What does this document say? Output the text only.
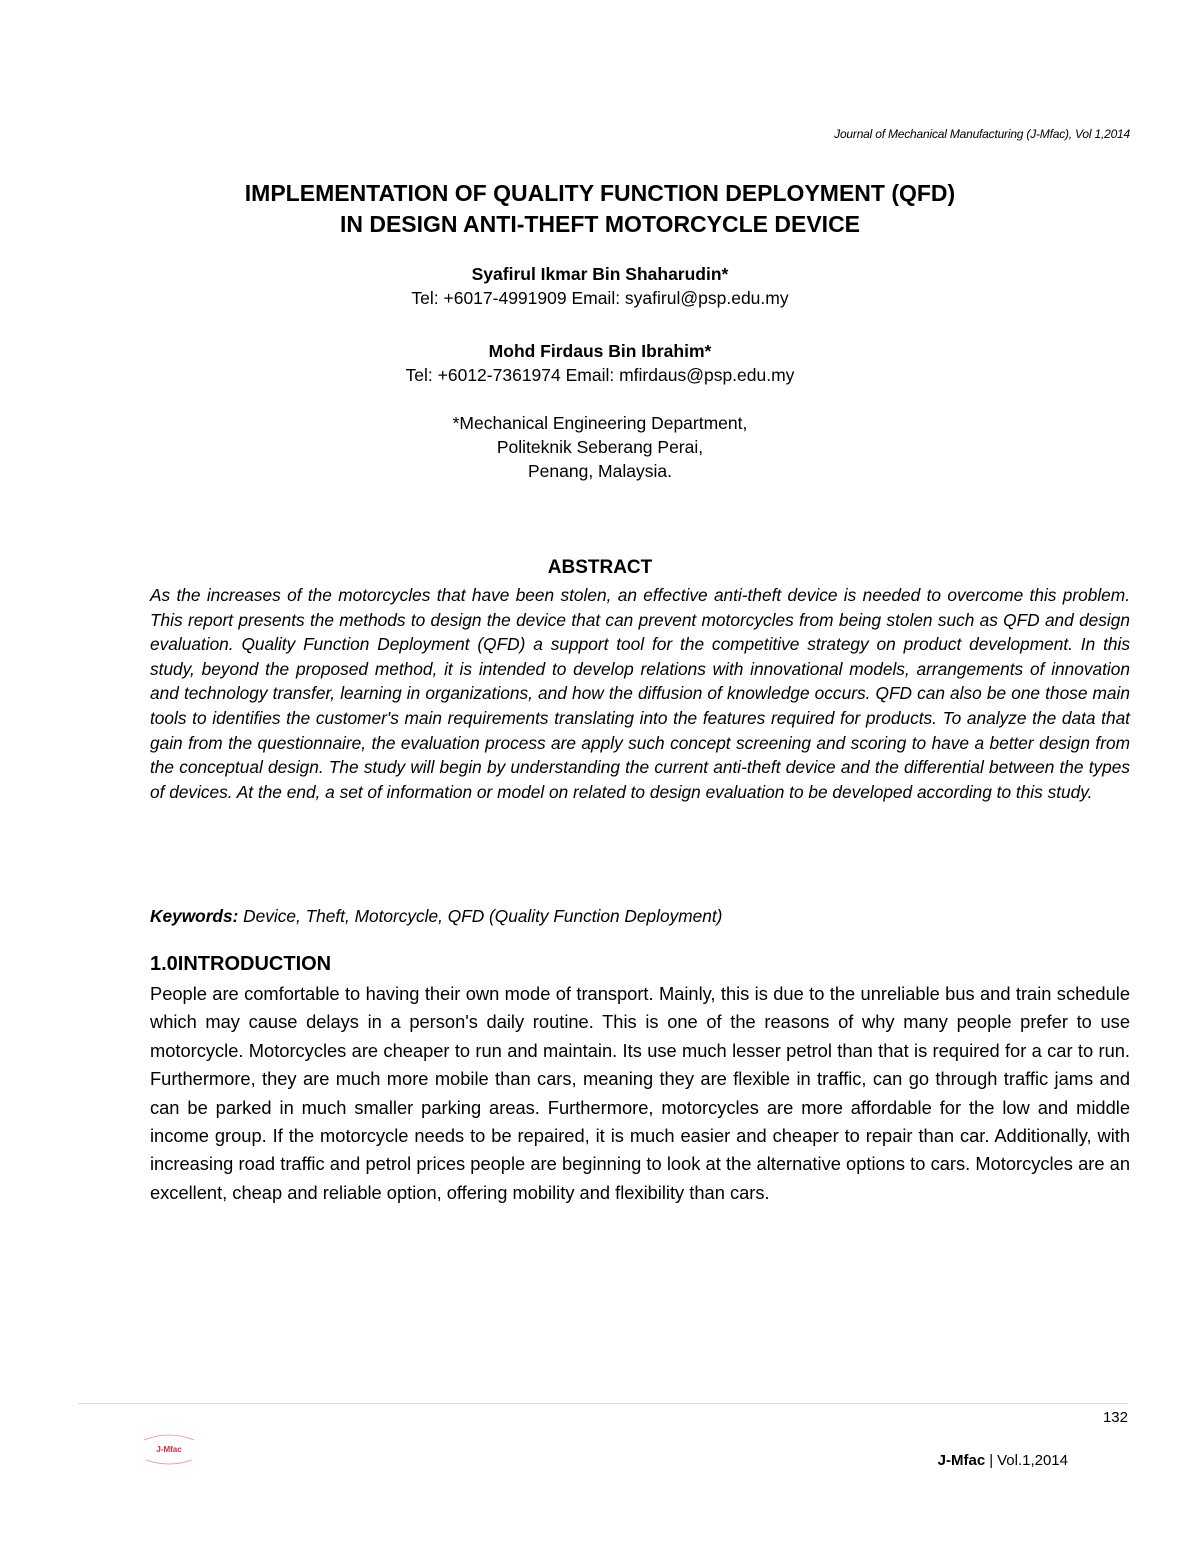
Journal of Mechanical Manufacturing (J-Mfac), Vol 1,2014
IMPLEMENTATION OF QUALITY FUNCTION DEPLOYMENT (QFD)
IN DESIGN ANTI-THEFT MOTORCYCLE DEVICE
Syafirul Ikmar Bin Shaharudin*
Tel: +6017-4991909 Email: syafirul@psp.edu.my
Mohd Firdaus Bin Ibrahim*
Tel: +6012-7361974 Email: mfirdaus@psp.edu.my
*Mechanical Engineering Department,
Politeknik Seberang Perai,
Penang, Malaysia.
ABSTRACT
As the increases of the motorcycles that have been stolen, an effective anti-theft device is needed to overcome this problem. This report presents the methods to design the device that can prevent motorcycles from being stolen such as QFD and design evaluation. Quality Function Deployment (QFD) a support tool for the competitive strategy on product development. In this study, beyond the proposed method, it is intended to develop relations with innovational models, arrangements of innovation and technology transfer, learning in organizations, and how the diffusion of knowledge occurs. QFD can also be one those main tools to identifies the customer's main requirements translating into the features required for products. To analyze the data that gain from the questionnaire, the evaluation process are apply such concept screening and scoring to have a better design from the conceptual design. The study will begin by understanding the current anti-theft device and the differential between the types of devices. At the end, a set of information or model on related to design evaluation to be developed according to this study.
Keywords: Device, Theft, Motorcycle, QFD (Quality Function Deployment)
1.0INTRODUCTION
People are comfortable to having their own mode of transport. Mainly, this is due to the unreliable bus and train schedule which may cause delays in a person's daily routine. This is one of the reasons of why many people prefer to use motorcycle. Motorcycles are cheaper to run and maintain. Its use much lesser petrol than that is required for a car to run. Furthermore, they are much more mobile than cars, meaning they are flexible in traffic, can go through traffic jams and can be parked in much smaller parking areas. Furthermore, motorcycles are more affordable for the low and middle income group. If the motorcycle needs to be repaired, it is much easier and cheaper to repair than car. Additionally, with increasing road traffic and petrol prices people are beginning to look at the alternative options to cars. Motorcycles are an excellent, cheap and reliable option, offering mobility and flexibility than cars.
132
J-Mfac
J-Mfac | Vol.1,2014
